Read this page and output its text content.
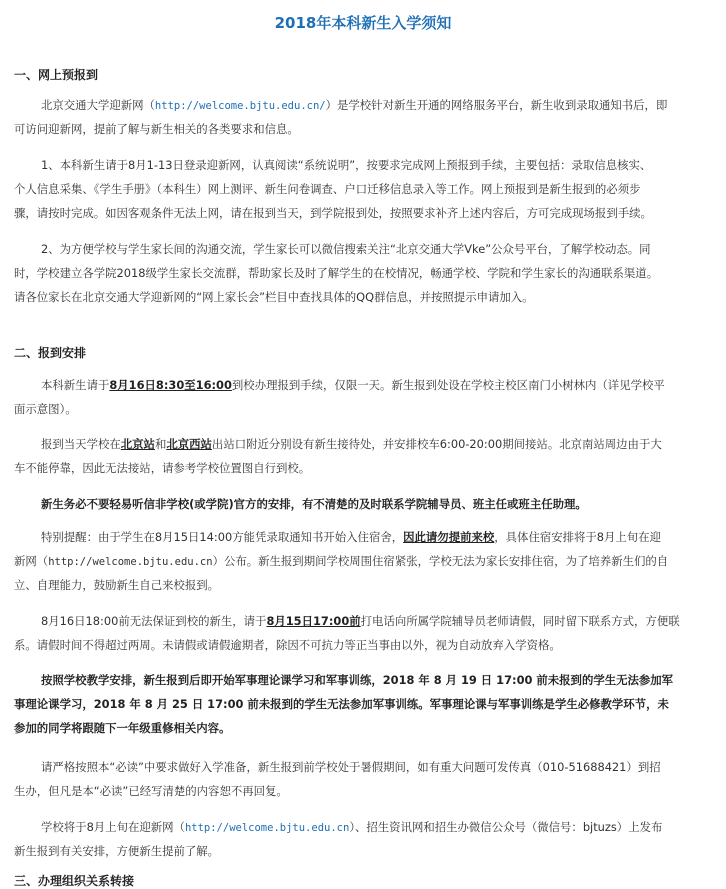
2018年本科新生入学须知
一、网上预报到
北京交通大学迎新网（http://welcome.bjtu.edu.cn/）是学校针对新生开通的网络服务平台，新生收到录取通知书后，即
可访问迎新网，提前了解与新生相关的各类要求和信息。
1、本科新生请于8月1-13日登录迎新网，认真阅读“系统说明”，按要求完成网上预报到手续，主要包括：录取信息核实、
个人信息采集、《学生手册》（本科生）网上测评、新生问卷调查、户口迁移信息录入等工作。网上预报到是新生报到的必须步
骤，请按时完成。如因客观条件无法上网，请在报到当天，到学院报到处，按照要求补齐上述内容后，方可完成现场报到手续。
2、为方便学校与学生家长间的沟通交流，学生家长可以微信搜索关注“北京交通大学Vke”公众号平台，了解学校动态。同
时，学校建立各学院2018级学生家长交流群，帮助家长及时了解学生的在校情况，畅通学校、学院和学生家长的沟通联系渠道。
请各位家长在北京交通大学迎新网的“网上家长会”栏目中查找具体的QQ群信息，并按照提示申请加入。
二、报到安排
本科新生请于8月16日8:30至16:00到校办理报到手续，仅限一天。新生报到处设在学校主校区南门小树林内（详见学校平
面示意图）。
报到当天学校在北京站和北京西站出站口附近分别设有新生接待处，并安排校车6:00-20:00期间接站。北京南站周边由于大
车不能停靠，因此无法接站，请参考学校位置图自行到校。
新生务必不要轻易听信非学校(或学院)官方的安排，有不清楚的及时联系学院辅导员、班主任或班主任助理。
特别提醒：由于学生在8月15日14:00方能凭录取通知书开始入住宿舍，因此请勿提前来校，具体住宿安排将于8月上旬在迎
新网（http://welcome.bjtu.edu.cn）公布。新生报到期间学校周围住宿紧张，学校无法为家长安排住宿，为了培养新生们的自
立、自理能力，鼓励新生自己来校报到。
8月16日18:00前无法保证到校的新生，请于8月15日17:00前打电话向所属学院辅导员老师请假，同时留下联系方式，方便联
系。请假时间不得超过两周。未请假或请假逾期者，除因不可抗力等正当事由以外，视为自动放弃入学资格。
按照学校教学安排，新生报到后即开始军事理论课学习和军事训练，2018 年 8 月 19 日 17:00 前未报到的学生无法参加军
事理论课学习，2018 年 8 月 25 日 17:00 前未报到的学生无法参加军事训练。军事理论课与军事训练是学生必修教学环节，未
参加的同学将跟随下一年级重修相关内容。
请严格按照本“必读”中要求做好入学准备，新生报到前学校处于暑假期间，如有重大问题可发传真（010-51688421）到招
生办，但凡是本“必读”已经写清楚的内容恕不再回复。
学校将于8月上旬在迎新网（http://welcome.bjtu.edu.cn）、招生资讯网和招生办微信公众号（微信号：bjtuzs）上发布
新生报到有关安排，方便新生提前了解。
三、办理组织关系转接
